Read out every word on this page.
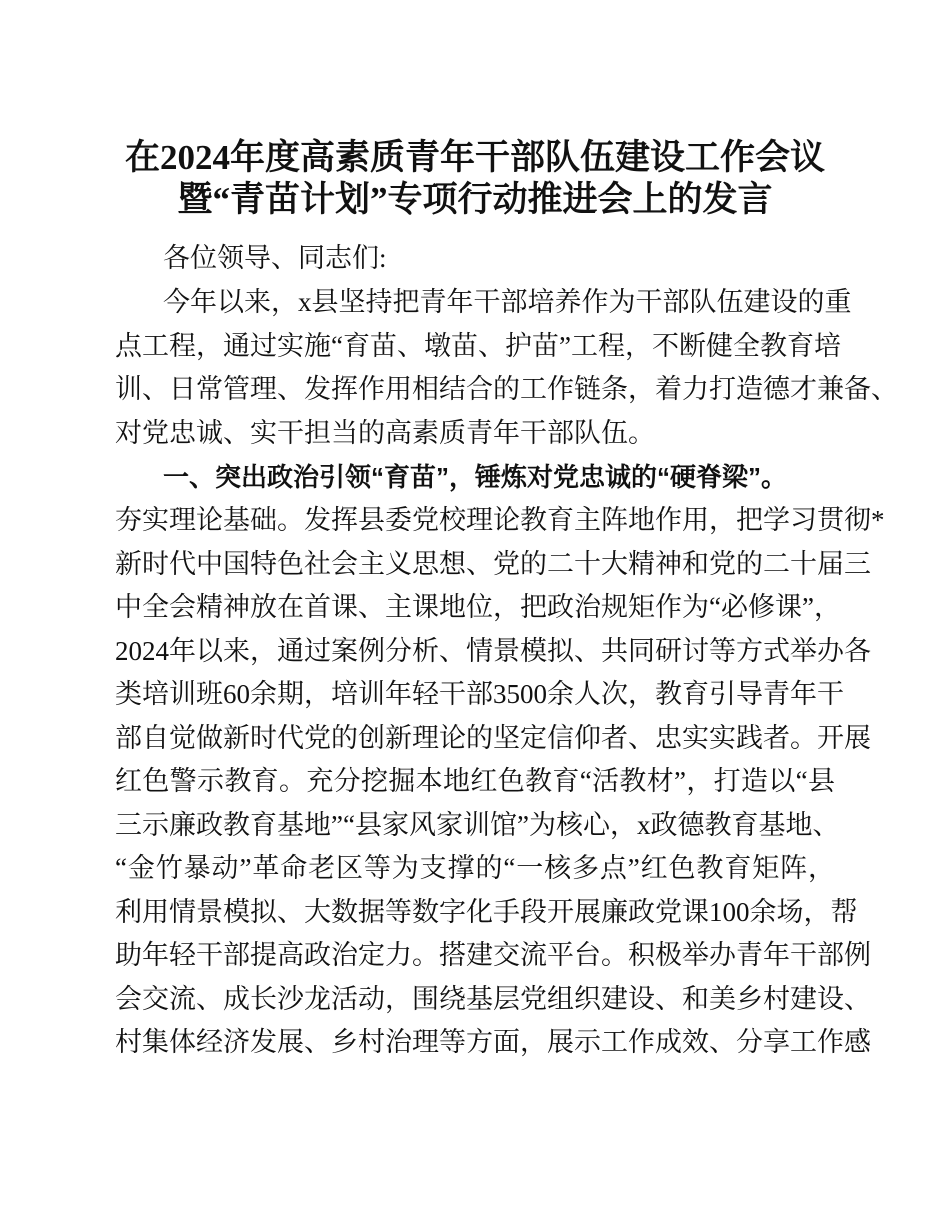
在2024年度高素质青年干部队伍建设工作会议
暨“青苗计划”专项行动推进会上的发言
各位领导、同志们:
今年以来，x县坚持把青年干部培养作为干部队伍建设的重
点工程，通过实施“育苗、墩苗、护苗”工程，不断健全教育培
训、日常管理、发挥作用相结合的工作链条，着力打造德才兼备、
对党忠诚、实干担当的高素质青年干部队伍。
一、突出政治引领“育苗”，锤炼对党忠诚的“硬脊梁”。
夯实理论基础。发挥县委党校理论教育主阵地作用，把学习贯彻*
新时代中国特色社会主义思想、党的二十大精神和党的二十届三
中全会精神放在首课、主课地位，把政治规矩作为“必修课”，
2024年以来，通过案例分析、情景模拟、共同研讨等方式举办各
类培训班60余期，培训年轻干部3500余人次，教育引导青年干
部自觉做新时代党的创新理论的坚定信仰者、忠实实践者。开展
红色警示教育。充分挖掘本地红色教育“活教材”，打造以“县
三示廉政教育基地”“县家风家训馆”为核心，x政德教育基地、
“金竹暴动”革命老区等为支撑的“一核多点”红色教育矩阵，
利用情景模拟、大数据等数字化手段开展廉政党课100余场，帮
助年轻干部提高政治定力。搭建交流平台。积极举办青年干部例
会交流、成长沙龙活动，围绕基层党组织建设、和美乡村建设、
村集体经济发展、乡村治理等方面，展示工作成效、分享工作感
